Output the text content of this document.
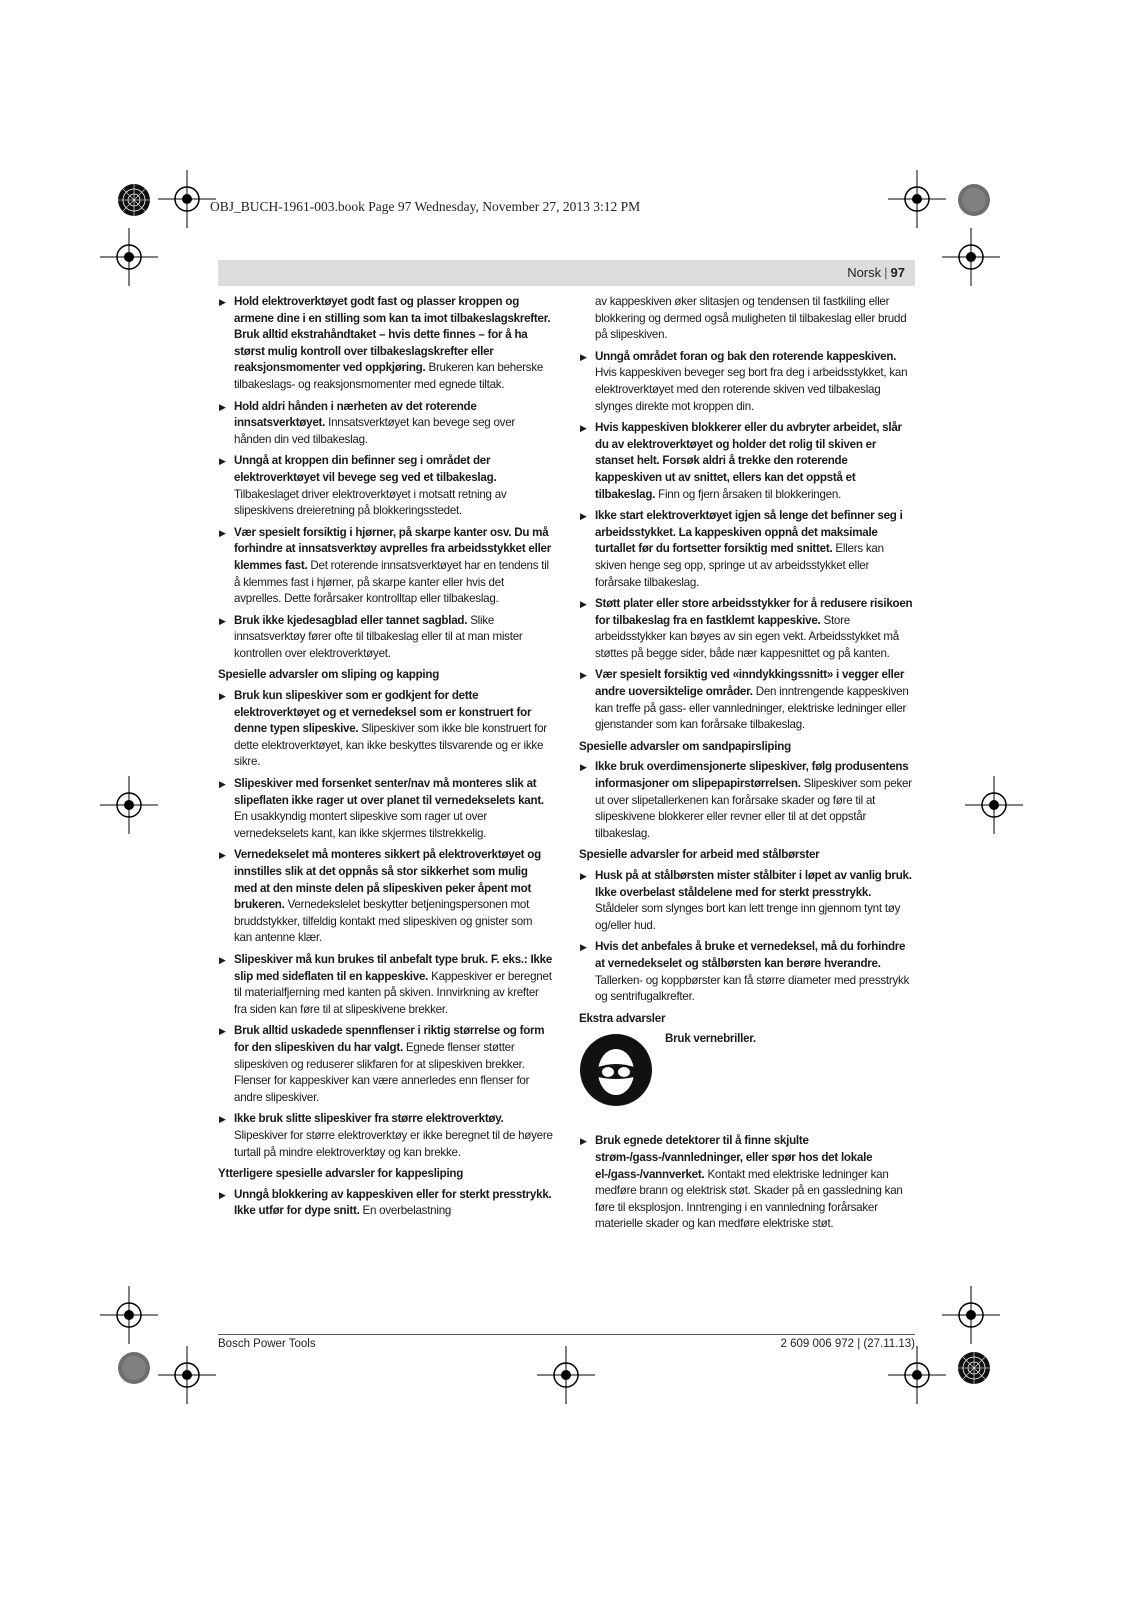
OBJ_BUCH-1961-003.book Page 97 Wednesday, November 27, 2013 3:12 PM
Norsk | 97
▶ Hold elektroverktøyet godt fast og plasser kroppen og armene dine i en stilling som kan ta imot tilbakeslagskrefter. Bruk alltid ekstrahåndtaket – hvis dette finnes – for å ha størst mulig kontroll over tilbakeslagskrefter eller reaksjonsmomenter ved oppkjøring. Brukeren kan beherske tilbakeslags- og reaksjonsmomenter med egnede tiltak.
▶ Hold aldri hånden i nærheten av det roterende innsatsverktøyet. Innsatsverktøyet kan bevege seg over hånden din ved tilbakeslag.
▶ Unngå at kroppen din befinner seg i området der elektroverktøyet vil bevege seg ved et tilbakeslag. Tilbakeslaget driver elektroverktøyet i motsatt retning av slipeskivens dreieretning på blokkeringsstedet.
▶ Vær spesielt forsiktig i hjørner, på skarpe kanter osv. Du må forhindre at innsatsverktøy avprelles fra arbeidsstykket eller klemmes fast. Det roterende innsatsverktøyet har en tendens til å klemmes fast i hjørner, på skarpe kanter eller hvis det avprelles. Dette forårsaker kontrolltap eller tilbakeslag.
▶ Bruk ikke kjedesagblad eller tannet sagblad. Slike innsatsverktøy fører ofte til tilbakeslag eller til at man mister kontrollen over elektroverktøyet.
Spesielle advarsler om sliping og kapping
▶ Bruk kun slipeskiver som er godkjent for dette elektroverktøyet og et vernedeksel som er konstruert for denne typen slipeskive. Slipeskiver som ikke ble konstruert for dette elektroverktøyet, kan ikke beskyttes tilsvarende og er ikke sikre.
▶ Slipeskiver med forsenket senter/nav må monteres slik at slipeflaten ikke rager ut over planet til vernedekselets kant. En usakkyndig montert slipeskive som rager ut over vernedekselets kant, kan ikke skjermes tilstrekkelig.
▶ Vernedekselet må monteres sikkert på elektroverktøyet og innstilles slik at det oppnås så stor sikkerhet som mulig med at den minste delen på slipeskiven peker åpent mot brukeren. Vernedekslelet beskytter betjeningspersonen mot bruddstykker, tilfeldig kontakt med slipeskiven og gnister som kan antenne klær.
▶ Slipeskiver må kun brukes til anbefalt type bruk. F. eks.: Ikke slip med sideflaten til en kappeskive. Kappeskiver er beregnet til materialfjerning med kanten på skiven. Innvirkning av krefter fra siden kan føre til at slipeskivene brekker.
▶ Bruk alltid uskadede spennflenser i riktig størrelse og form for den slipeskiven du har valgt. Egnede flenser støtter slipeskiven og reduserer slikfaren for at slipeskiven brekker. Flenser for kappeskiver kan være annerledes enn flenser for andre slipeskiver.
▶ Ikke bruk slitte slipeskiver fra større elektroverktøy. Slipeskiver for større elektroverktøy er ikke beregnet til de høyere turtall på mindre elektroverktøy og kan brekke.
Ytterligere spesielle advarsler for kappesliping
▶ Unngå blokkering av kappeskiven eller for sterkt presstrykk. Ikke utfør for dype snitt. En overbelastning
av kappeskiven øker slitasjen og tendensen til fastkiling eller blokkering og dermed også muligheten til tilbakeslag eller brudd på slipeskiven.
▶ Unngå området foran og bak den roterende kappeskiven. Hvis kappeskiven beveger seg bort fra deg i arbeidsstykket, kan elektroverktøyet med den roterende skiven ved tilbakeslag slynges direkte mot kroppen din.
▶ Hvis kappeskiven blokkerer eller du avbryter arbeidet, slår du av elektroverktøyet og holder det rolig til skiven er stanset helt. Forsøk aldri å trekke den roterende kappeskiven ut av snittet, ellers kan det oppstå et tilbakeslag. Finn og fjern årsaken til blokkeringen.
▶ Ikke start elektroverktøyet igjen så lenge det befinner seg i arbeidsstykket. La kappeskiven oppnå det maksimale turtallet før du fortsetter forsiktig med snittet. Ellers kan skiven henge seg opp, springe ut av arbeidsstykket eller forårsake tilbakeslag.
▶ Støtt plater eller store arbeidsstykker for å redusere risikoen for tilbakeslag fra en fastklemt kappeskive. Store arbeidsstykker kan bøyes av sin egen vekt. Arbeidsstykket må støttes på begge sider, både nær kappesnittet og på kanten.
▶ Vær spesielt forsiktig ved «inndykkingssnitt» i vegger eller andre uoversiktelige områder. Den inntrengende kappeskiven kan treffe på gass- eller vannledninger, elektriske ledninger eller gjenstander som kan forårsake tilbakeslag.
Spesielle advarsler om sandpapirsliping
▶ Ikke bruk overdimensjonerte slipeskiver, følg produsentens informasjoner om slipepapirstørrelsen. Slipeskiver som peker ut over slipetallerkenen kan forårsake skader og føre til at slipeskivene blokkerer eller revner eller til at det oppstår tilbakeslag.
Spesielle advarsler for arbeid med stålbørster
▶ Husk på at stålbørsten mister stålbiter i løpet av vanlig bruk. Ikke overbelast ståldelene med for sterkt presstrykk. Ståldeler som slynges bort kan lett trenge inn gjennom tynt tøy og/eller hud.
▶ Hvis det anbefales å bruke et vernedeksel, må du forhindre at vernedekselet og stålbørsten kan berøre hverandre. Tallerken- og koppbørster kan få større diameter med presstrykk og sentrifugalkrefter.
Ekstra advarsler
Bruk vernebriller.
▶ Bruk egnede detektorer til å finne skjulte strøm-/gass-/vannledninger, eller spør hos det lokale el-/gass-/vannverket. Kontakt med elektriske ledninger kan medføre brann og elektrisk støt. Skader på en gassledning kan føre til eksplosjon. Inntrenging i en vannledning forårsaker materielle skader og kan medføre elektriske støt.
Bosch Power Tools	2 609 006 972 | (27.11.13)
